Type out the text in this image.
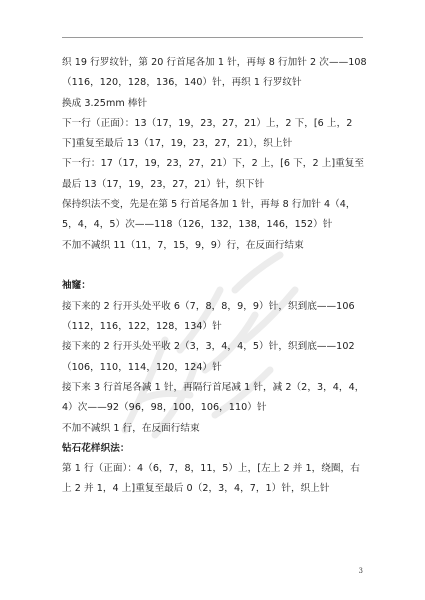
织 19 行罗纹针，第 20 行首尾各加 1 针，再每 8 行加针 2 次——108
（116，120，128，136，140）针，再织 1 行罗纹针
换成 3.25mm 棒针
下一行（正面）：13（17，19，23，27，21）上，2 下，[6 上，2
下]重复至最后 13（17，19，23，27，21），织上针
下一行：17（17，19，23，27，21）下，2 上，[6 下，2 上]重复至
最后 13（17，19，23，27，21）针，织下针
保持织法不变，先是在第 5 行首尾各加 1 针，再每 8 行加针 4（4，
5，4，4，5）次——118（126，132，138，146，152）针
不加不减织 11（11，7，15，9，9）行，在反面行结束
袖窿：
接下来的 2 行开头处平收 6（7，8，8，9，9）针，织到底——106
（112，116，122，128，134）针
接下来的 2 行开头处平收 2（3，3，4，4，5）针，织到底——102
（106，110，114，120，124）针
接下来 3 行首尾各减 1 针，再隔行首尾减 1 针，减 2（2，3，4，4，
4）次——92（96，98，100，106，110）针
不加不减织 1 行，在反面行结束
钻石花样织法：
第 1 行（正面）：4（6，7，8，11，5）上，[左上 2 并 1，绕圈，右
上 2 并 1，4 上]重复至最后 0（2，3，4，7，1）针，织上针
3
